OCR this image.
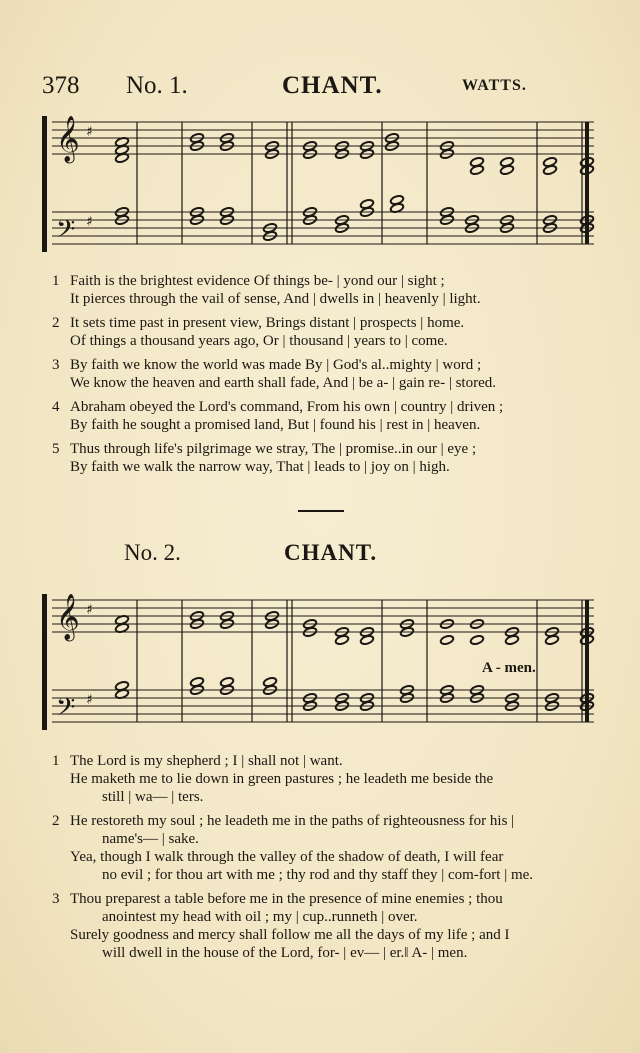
378 No. 1.	CHANT.	WATTS.
𝄞 ♯
𝄢 ♯
1 Faith is the brightest evidence Of things be- | yond our | sight ;
It pierces through the vail of sense, And | dwells in | heavenly | light.
2 It sets time past in present view, Brings distant | prospects | home.
Of things a thousand years ago, Or | thousand | years to | come.
3 By faith we know the world was made By | God's al..mighty | word ;
We know the heaven and earth shall fade, And | be a- | gain re- | stored.
4 Abraham obeyed the Lord's command, From his own | country | driven ;
By faith he sought a promised land, But | found his | rest in | heaven.
5 Thus through life's pilgrimage we stray, The | promise..in our | eye ;
By faith we walk the narrow way, That | leads to | joy on | high.
No. 2.	CHANT.
𝄞 ♯
𝄢 ♯
A - men.
1 The Lord is my shepherd ; I | shall not | want.
He maketh me to lie down in green pastures ; he leadeth me beside the
still | wa— | ters.
2 He restoreth my soul ; he leadeth me in the paths of righteousness for his |
name's— | sake.
Yea, though I walk through the valley of the shadow of death, I will fear
no evil ; for thou art with me ; thy rod and thy staff they | com-fort | me.
3 Thou preparest a table before me in the presence of mine enemies ; thou
anointest my head with oil ; my | cup..runneth | over.
Surely goodness and mercy shall follow me all the days of my life ; and I
will dwell in the house of the Lord, for- | ev— | er.‖ A- | men.
